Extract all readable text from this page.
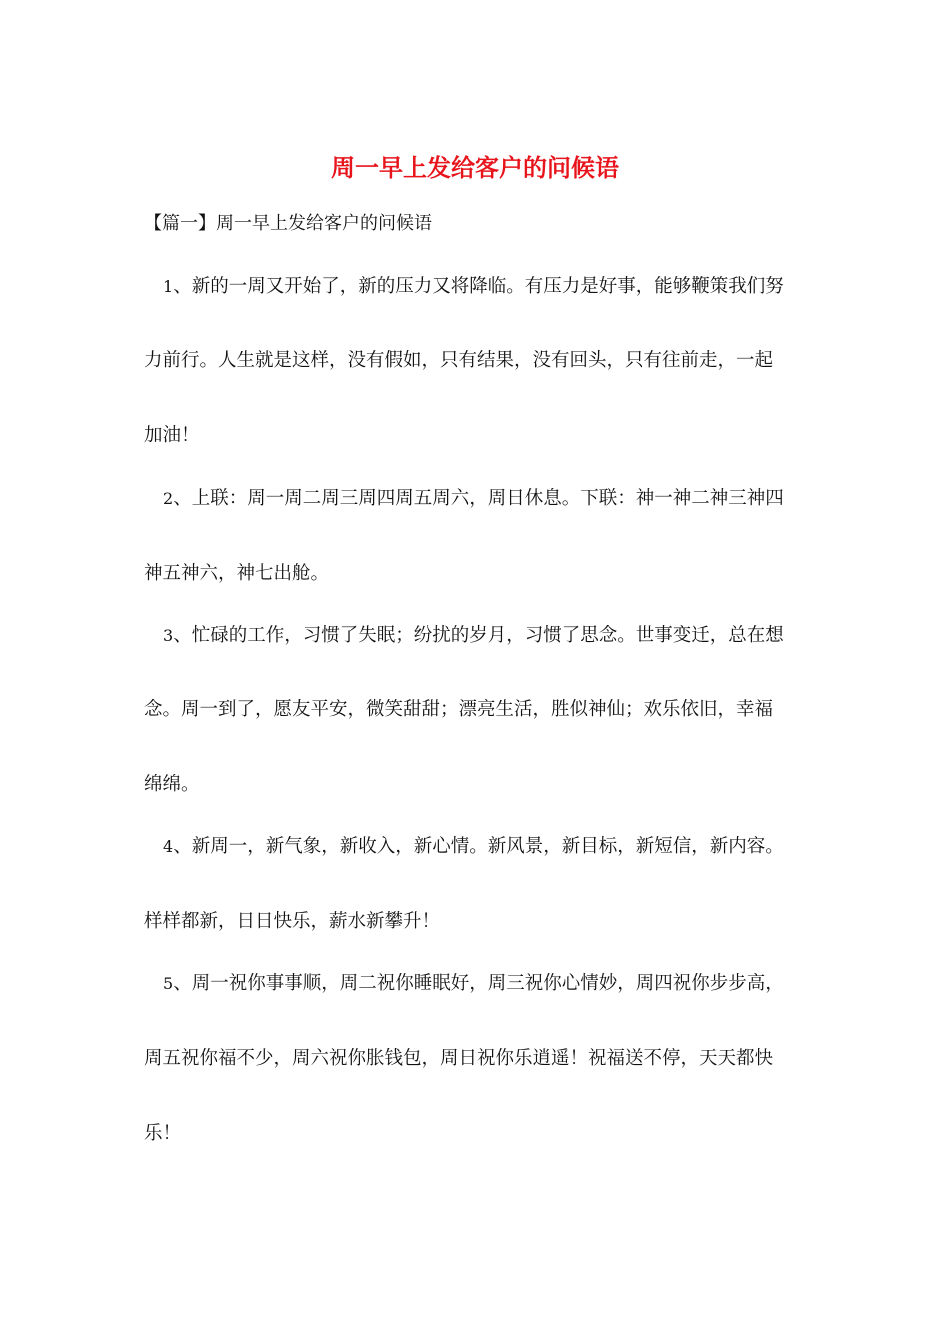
周一早上发给客户的问候语
【篇一】周一早上发给客户的问候语
1、新的一周又开始了，新的压力又将降临。有压力是好事，能够鞭策我们努
力前行。人生就是这样，没有假如，只有结果，没有回头，只有往前走，一起
加油！
2、上联：周一周二周三周四周五周六，周日休息。下联：神一神二神三神四
神五神六，神七出舱。
3、忙碌的工作，习惯了失眠；纷扰的岁月，习惯了思念。世事变迁，总在想
念。周一到了，愿友平安，微笑甜甜；漂亮生活，胜似神仙；欢乐依旧，幸福
绵绵。
4、新周一，新气象，新收入，新心情。新风景，新目标，新短信，新内容。
样样都新，日日快乐，薪水新攀升！
5、周一祝你事事顺，周二祝你睡眠好，周三祝你心情妙，周四祝你步步高，
周五祝你福不少，周六祝你胀钱包，周日祝你乐逍遥！祝福送不停，天天都快
乐！
